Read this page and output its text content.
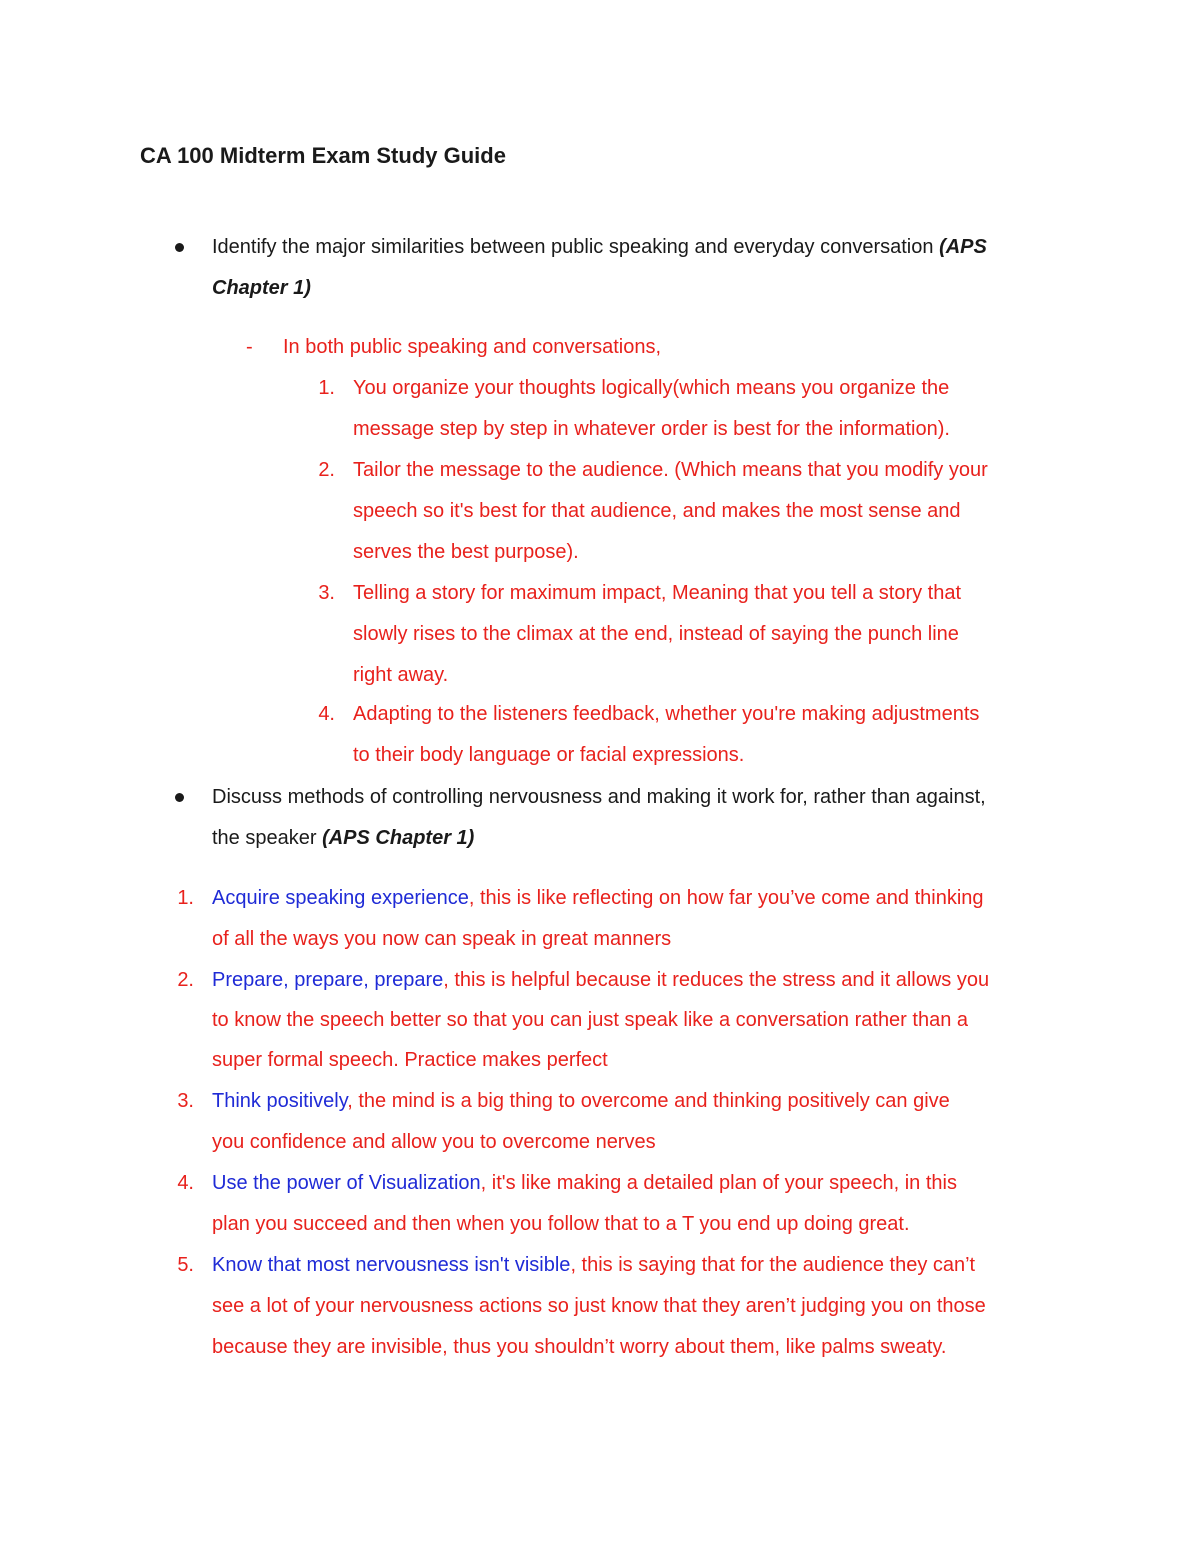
CA 100 Midterm Exam Study Guide
Identify the major similarities between public speaking and everyday conversation (APS
Chapter 1)
- In both public speaking and conversations,
1. You organize your thoughts logically(which means you organize the
message step by step in whatever order is best for the information).
2. Tailor the message to the audience. (Which means that you modify your
speech so it's best for that audience, and makes the most sense and
serves the best purpose).
3. Telling a story for maximum impact, Meaning that you tell a story that
slowly rises to the climax at the end, instead of saying the punch line
right away.
4. Adapting to the listeners feedback, whether you're making adjustments
to their body language or facial expressions.
Discuss methods of controlling nervousness and making it work for, rather than against,
the speaker (APS Chapter 1)
1. Acquire speaking experience, this is like reflecting on how far you’ve come and thinking
of all the ways you now can speak in great manners
2. Prepare, prepare, prepare, this is helpful because it reduces the stress and it allows you
to know the speech better so that you can just speak like a conversation rather than a
super formal speech. Practice makes perfect
3. Think positively, the mind is a big thing to overcome and thinking positively can give
you confidence and allow you to overcome nerves
4. Use the power of Visualization, it's like making a detailed plan of your speech, in this
plan you succeed and then when you follow that to a T you end up doing great.
5. Know that most nervousness isn't visible, this is saying that for the audience they can’t
see a lot of your nervousness actions so just know that they aren’t judging you on those
because they are invisible, thus you shouldn’t worry about them, like palms sweaty.
